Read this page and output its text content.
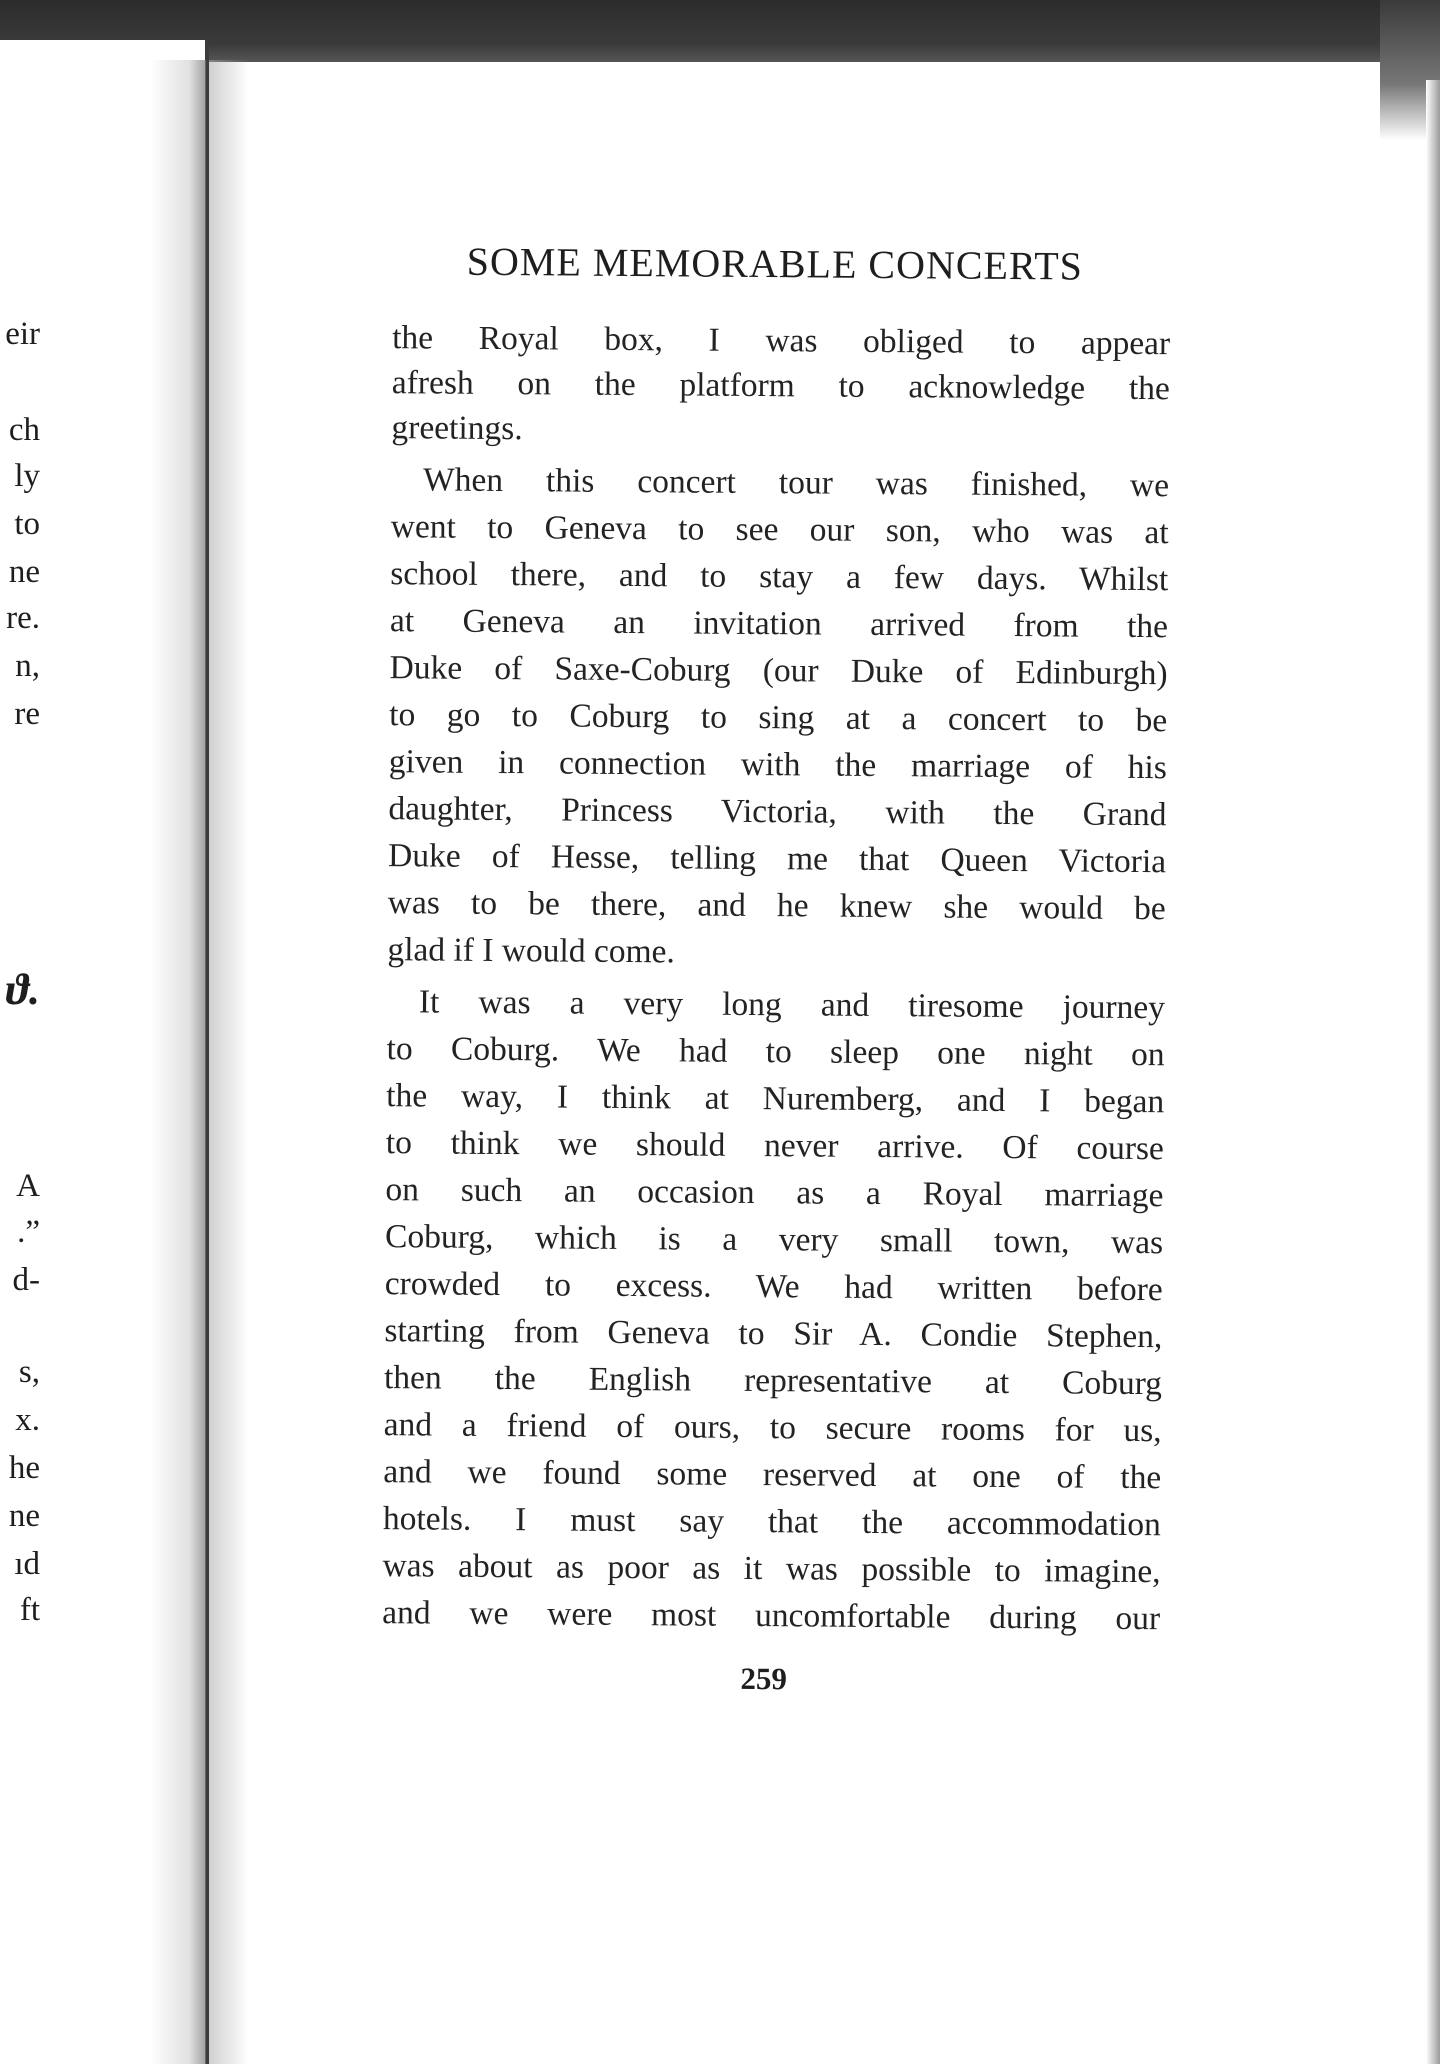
eir
ch
ly
to
ne
re.
n,
re
ϑ.
A
.”
d-
s,
x.
he
ne
ıd
ft
SOME MEMORABLE CONCERTS
the Royal box, I was obliged to appear
afresh on the platform to acknowledge the
greetings.
When this concert tour was finished, we
went to Geneva to see our son, who was at
school there, and to stay a few days. Whilst
at Geneva an invitation arrived from the
Duke of Saxe-Coburg (our Duke of Edinburgh)
to go to Coburg to sing at a concert to be
given in connection with the marriage of his
daughter, Princess Victoria, with the Grand
Duke of Hesse, telling me that Queen Victoria
was to be there, and he knew she would be
glad if I would come.
It was a very long and tiresome journey
to Coburg. We had to sleep one night on
the way, I think at Nuremberg, and I began
to think we should never arrive. Of course
on such an occasion as a Royal marriage
Coburg, which is a very small town, was
crowded to excess. We had written before
starting from Geneva to Sir A. Condie Stephen,
then the English representative at Coburg
and a friend of ours, to secure rooms for us,
and we found some reserved at one of the
hotels. I must say that the accommodation
was about as poor as it was possible to imagine,
and we were most uncomfortable during our
259
